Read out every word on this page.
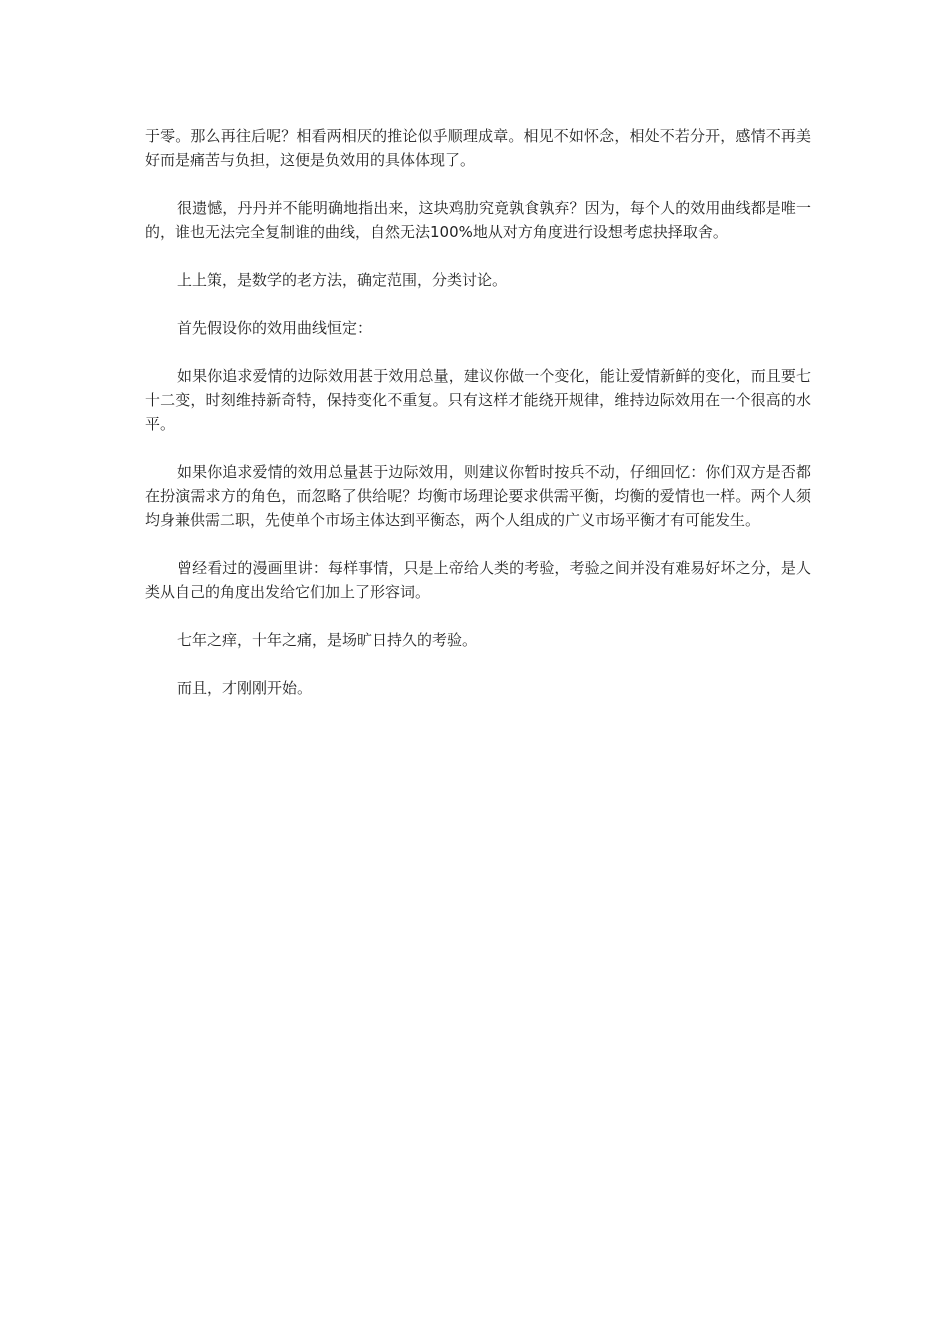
于零。那么再往后呢？相看两相厌的推论似乎顺理成章。相见不如怀念，相处不若分开，感情不再美好而是痛苦与负担，这便是负效用的具体体现了。

很遗憾，丹丹并不能明确地指出来，这块鸡肋究竟孰食孰弃？因为，每个人的效用曲线都是唯一的，谁也无法完全复制谁的曲线，自然无法100%地从对方角度进行设想考虑抉择取舍。

上上策，是数学的老方法，确定范围，分类讨论。

首先假设你的效用曲线恒定：

如果你追求爱情的边际效用甚于效用总量，建议你做一个变化，能让爱情新鲜的变化，而且要七十二变，时刻维持新奇特，保持变化不重复。只有这样才能绕开规律，维持边际效用在一个很高的水平。

如果你追求爱情的效用总量甚于边际效用，则建议你暂时按兵不动，仔细回忆：你们双方是否都在扮演需求方的角色，而忽略了供给呢？均衡市场理论要求供需平衡，均衡的爱情也一样。两个人须均身兼供需二职，先使单个市场主体达到平衡态，两个人组成的广义市场平衡才有可能发生。

曾经看过的漫画里讲：每样事情，只是上帝给人类的考验，考验之间并没有难易好坏之分，是人类从自己的角度出发给它们加上了形容词。

七年之痒，十年之痛，是场旷日持久的考验。

而且，才刚刚开始。
